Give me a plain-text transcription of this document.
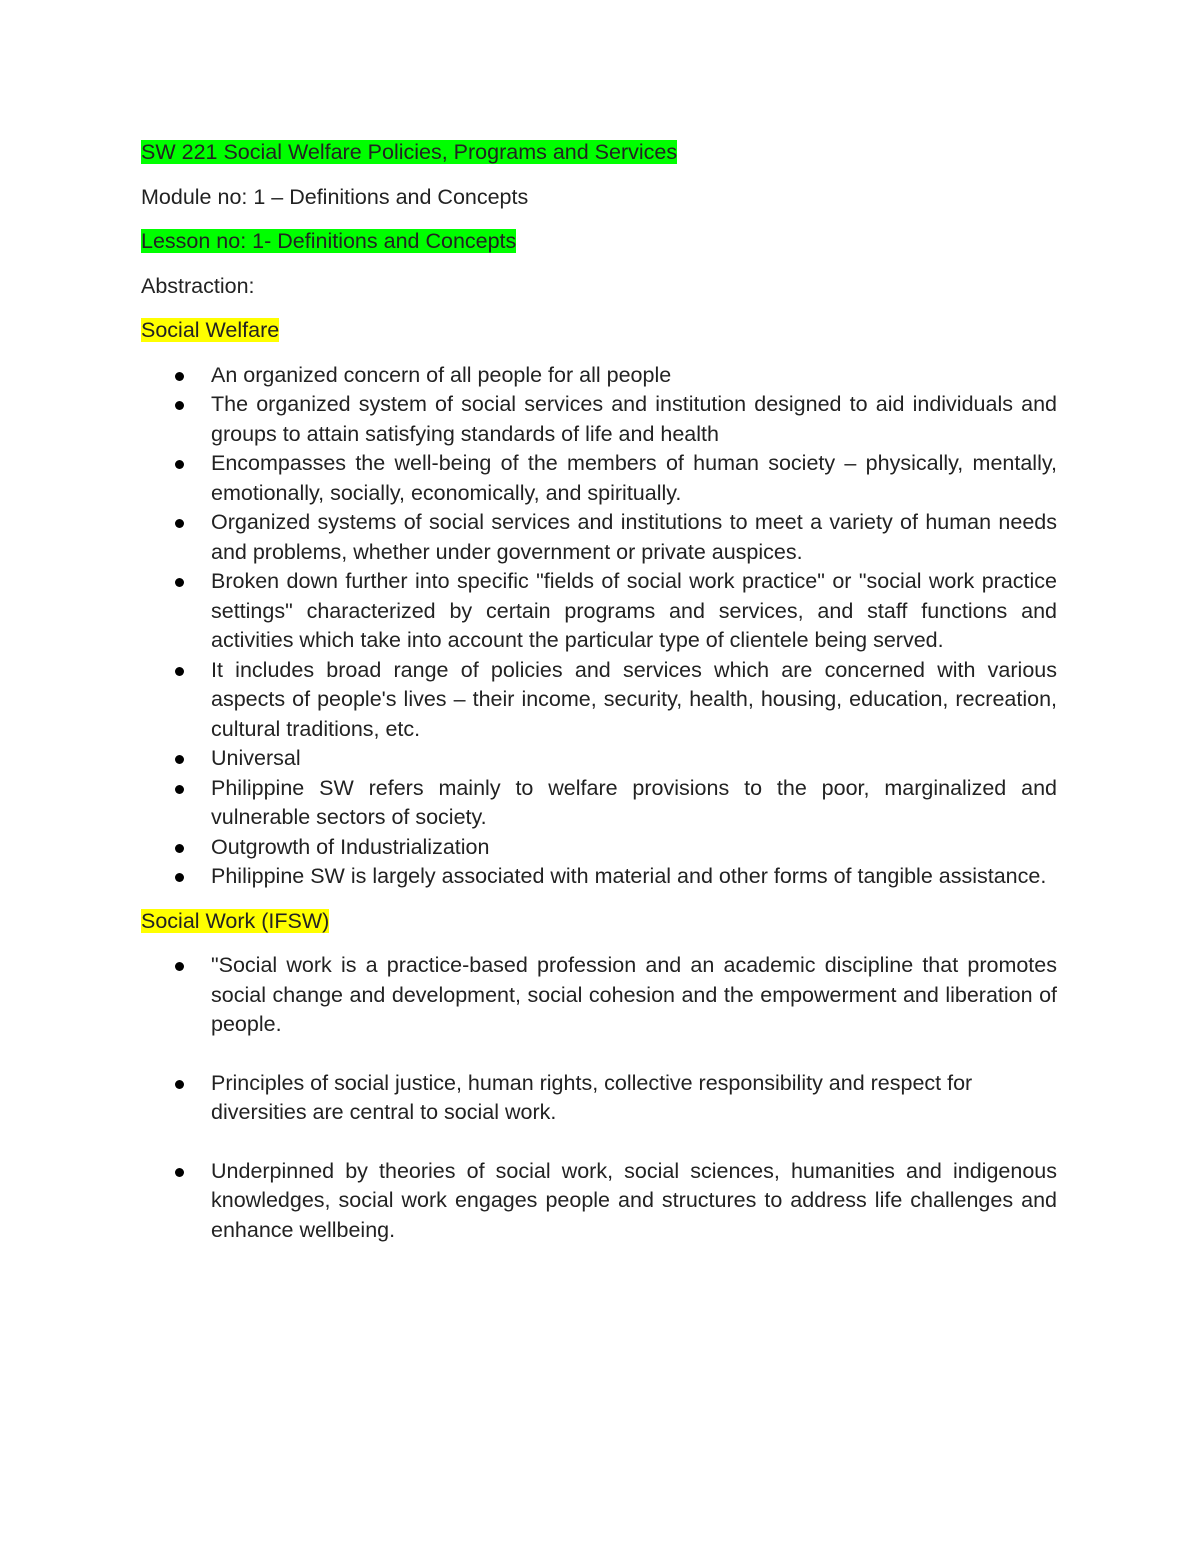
SW 221 Social Welfare Policies, Programs and Services

Module no: 1 – Definitions and Concepts

Lesson no: 1- Definitions and Concepts

Abstraction:

Social Welfare

An organized concern of all people for all people
The organized system of social services and institution designed to aid individuals and groups to attain satisfying standards of life and health
Encompasses the well-being of the members of human society – physically, mentally, emotionally, socially, economically, and spiritually.
Organized systems of social services and institutions to meet a variety of human needs and problems, whether under government or private auspices.
Broken down further into specific "fields of social work practice" or "social work practice settings" characterized by certain programs and services, and staff functions and activities which take into account the particular type of clientele being served.
It includes broad range of policies and services which are concerned with various aspects of people's lives – their income, security, health, housing, education, recreation, cultural traditions, etc.
Universal
Philippine SW refers mainly to welfare provisions to the poor, marginalized and vulnerable sectors of society.
Outgrowth of Industrialization
Philippine SW is largely associated with material and other forms of tangible assistance.

Social Work (IFSW)

"Social work is a practice-based profession and an academic discipline that promotes social change and development, social cohesion and the empowerment and liberation of people.
Principles of social justice, human rights, collective responsibility and respect for diversities are central to social work.
Underpinned by theories of social work, social sciences, humanities and indigenous knowledges, social work engages people and structures to address life challenges and enhance wellbeing.
